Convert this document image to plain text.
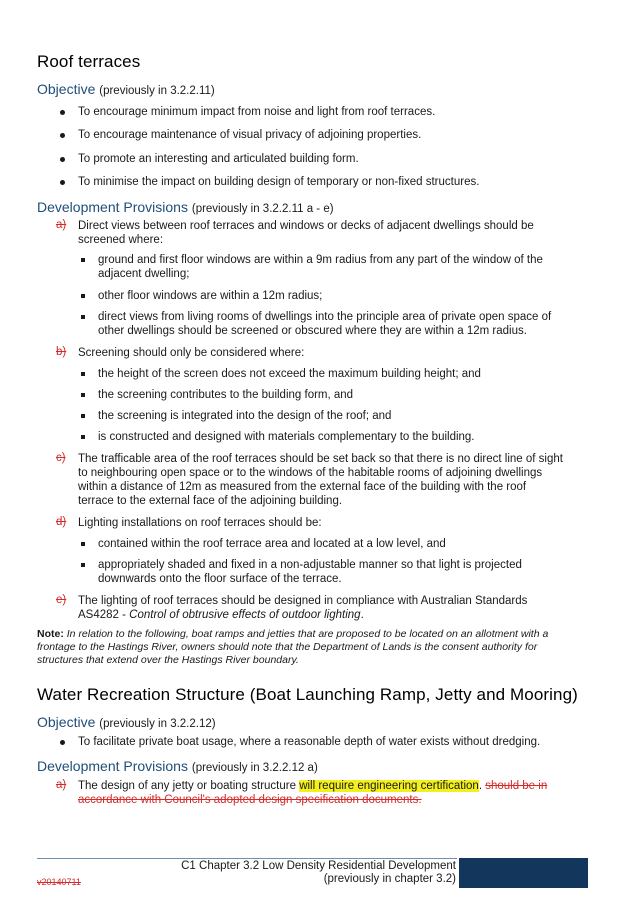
Roof terraces
Objective (previously in 3.2.2.11)
To encourage minimum impact from noise and light from roof terraces.
To encourage maintenance of visual privacy of adjoining properties.
To promote an interesting and articulated building form.
To minimise the impact on building design of temporary or non-fixed structures.
Development Provisions (previously in 3.2.2.11 a - e)
a) Direct views between roof terraces and windows or decks of adjacent dwellings should be
screened where:
ground and first floor windows are within a 9m radius from any part of the window of the
adjacent dwelling;
other floor windows are within a 12m radius;
direct views from living rooms of dwellings into the principle area of private open space of
other dwellings should be screened or obscured where they are within a 12m radius.
b) Screening should only be considered where:
the height of the screen does not exceed the maximum building height; and
the screening contributes to the building form, and
the screening is integrated into the design of the roof; and
is constructed and designed with materials complementary to the building.
c) The trafficable area of the roof terraces should be set back so that there is no direct line of sight
to neighbouring open space or to the windows of the habitable rooms of adjoining dwellings
within a distance of 12m as measured from the external face of the building with the roof
terrace to the external face of the adjoining building.
d) Lighting installations on roof terraces should be:
contained within the roof terrace area and located at a low level, and
appropriately shaded and fixed in a non-adjustable manner so that light is projected
downwards onto the floor surface of the terrace.
e) The lighting of roof terraces should be designed in compliance with Australian Standards
AS4282 - Control of obtrusive effects of outdoor lighting.
Note: In relation to the following, boat ramps and jetties that are proposed to be located on an allotment with a
frontage to the Hastings River, owners should note that the Department of Lands is the consent authority for
structures that extend over the Hastings River boundary.
Water Recreation Structure (Boat Launching Ramp, Jetty and Mooring)
Objective (previously in 3.2.2.12)
To facilitate private boat usage, where a reasonable depth of water exists without dredging.
Development Provisions (previously in 3.2.2.12 a)
a) The design of any jetty or boating structure will require engineering certification. should be in
accordance with Council's adopted design specification documents.
C1 Chapter 3.2 Low Density Residential Development
(previously in chapter 3.2)
v20140711
